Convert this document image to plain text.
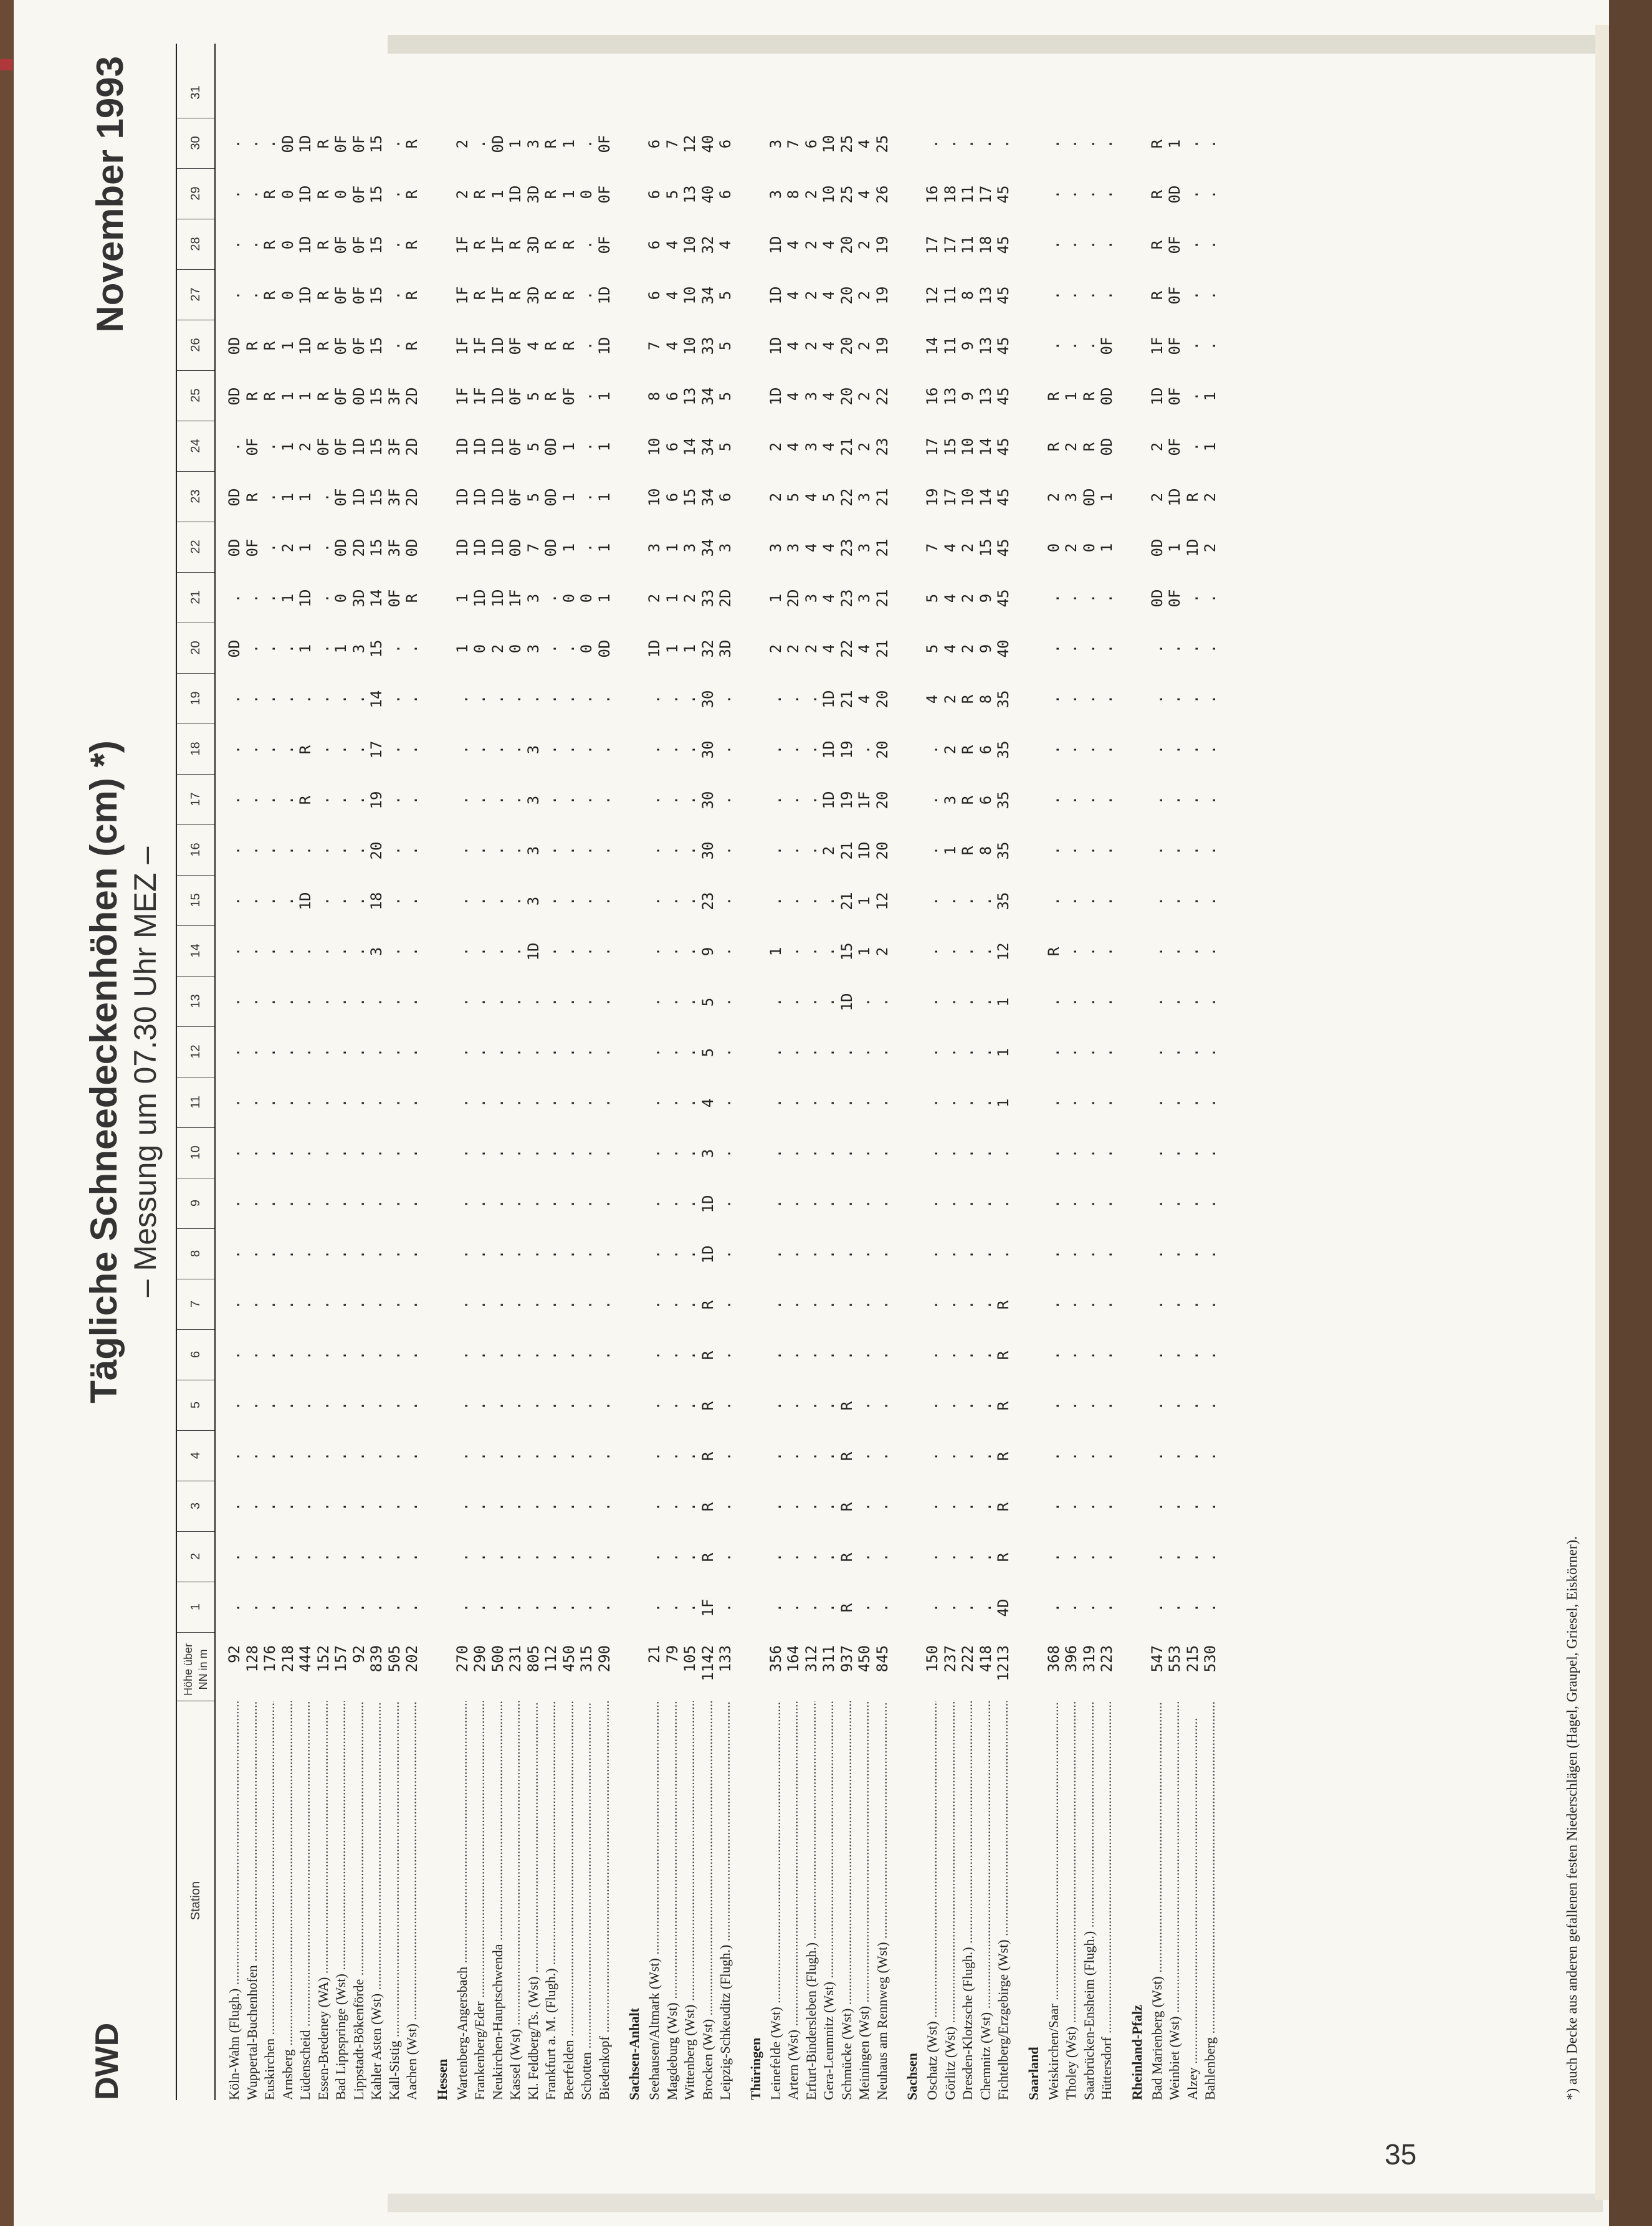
DWD
Tägliche Schneedeckenhöhen (cm) *) – Messung um 07.30 Uhr MEZ –
November 1993
Station
Höhe über NN in m
1
2
3
4
5
6
7
8
9
10
11
12
13
14
15
16
17
18
19
20
21
22
23
24
25
26
27
28
29
30
31
Köln-Wahn (Flugh.) .....
92
.
.
.
.
.
.
.
.
.
.
.
.
.
.
.
.
.
.
.
0D
.
0D
0D
.
0D
0D
.
.
.
.
Wuppertal-Buchenhofen .....
128
.
.
.
.
.
.
.
.
.
.
.
.
.
.
.
.
.
.
.
.
.
0F
R
0F
R
R
.
.
.
.
Euskirchen .....
176
.
.
.
.
.
.
.
.
.
.
.
.
.
.
.
.
.
.
.
.
.
.
.
.
R
R
R
R
R
.
Arnsberg .....
218
.
.
.
.
.
.
.
.
.
.
.
.
.
.
.
.
.
.
.
.
1
2
1
1
1
1
0
0
0
0D
Lüdenscheid .....
444
.
.
.
.
.
.
.
.
.
.
.
.
.
.
1D
.
R
R
.
1
1D
1
1
2
1
1D
1D
1D
1D
1D
Essen-Bredeney (WA) .....
152
.
.
.
.
.
.
.
.
.
.
.
.
.
.
.
.
.
.
.
.
.
.
.
0F
R
R
R
R
R
R
Bad Lippspringe (Wst) .....
157
.
.
.
.
.
.
.
.
.
.
.
.
.
.
.
.
.
.
.
1
0
0D
0F
0F
0F
0F
0F
0F
0
0F
Lippstadt-Bökenförde .....
92
.
.
.
.
.
.
.
.
.
.
.
.
.
.
.
.
.
.
.
3
3D
2D
1D
1D
0D
0F
0F
0F
0F
0F
Kahler Asten (Wst) .....
839
.
.
.
.
.
.
.
.
.
.
.
.
.
3
18
20
19
17
14
15
14
15
15
15
15
15
15
15
15
15
Kall-Sistig .....
505
.
.
.
.
.
.
.
.
.
.
.
.
.
.
.
.
.
.
.
.
0F
3F
3F
3F
3F
.
.
.
.
.
Aachen (Wst) .....
202
.
.
.
.
.
.
.
.
.
.
.
.
.
.
.
.
.
.
.
.
R
0D
2D
2D
2D
R
R
R
R
R
Hessen Wartenberg-Angersbach .....
270
.
.
.
.
.
.
.
.
.
.
.
.
.
.
.
.
.
.
.
1
1
1D
1D
1D
1F
1F
1F
1F
2
2
Frankenberg/Eder .....
290
.
.
.
.
.
.
.
.
.
.
.
.
.
.
.
.
.
.
.
0
1D
1D
1D
1D
1F
1F
R
R
R
.
Neukirchen-Hauptschwenda .....
500
.
.
.
.
.
.
.
.
.
.
.
.
.
.
.
.
.
.
.
2
1D
1D
1D
1D
1D
1D
1F
1F
1
0D
Kassel (Wst) .....
231
.
.
.
.
.
.
.
.
.
.
.
.
.
.
.
.
.
.
.
0
1F
0D
0F
0F
0F
0F
R
R
1D
1
Kl. Feldberg/Ts. (Wst) .....
805
.
.
.
.
.
.
.
.
.
.
.
.
.
1D
3
3
3
3
.
3
3
7
5
5
5
4
3D
3D
3D
3
Frankfurt a. M. (Flugh.) .....
112
.
.
.
.
.
.
.
.
.
.
.
.
.
.
.
.
.
.
.
.
.
0D
0D
0D
R
R
R
R
R
R
Beerfelden .....
450
.
.
.
.
.
.
.
.
.
.
.
.
.
.
.
.
.
.
.
.
0
1
1
1
0F
R
R
R
1
1
Schotten .....
315
.
.
.
.
.
.
.
.
.
.
.
.
.
.
.
.
.
.
.
0
0
.
.
.
.
.
.
.
0
.
Biedenkopf .....
290
.
.
.
.
.
.
.
.
.
.
.
.
.
.
.
.
.
.
.
0D
1
1
1
1
1
1D
1D
0F
0F
0F
Sachsen-Anhalt Seehausen/Altmark (Wst) .....
21
.
.
.
.
.
.
.
.
.
.
.
.
.
.
.
.
.
.
.
1D
2
3
10
10
8
7
6
6
6
6
Magdeburg (Wst) .....
79
.
.
.
.
.
.
.
.
.
.
.
.
.
.
.
.
.
.
.
1
1
1
6
6
6
4
4
4
5
7
Wittenberg (Wst) .....
105
.
.
.
.
.
.
.
.
.
.
.
.
.
.
.
.
.
.
.
1
2
3
15
14
13
10
10
10
13
12
Brocken (Wst) .....
1142
1F
R
R
R
R
R
R
1D
1D
3
4
5
5
9
23
30
30
30
30
32
33
34
34
34
34
33
34
32
40
40
Leipzig-Schkeuditz (Flugh.) .....
133
.
.
.
.
.
.
.
.
.
.
.
.
.
.
.
.
.
.
.
3D
2D
3
6
5
5
5
5
4
6
6
Thüringen Leinefelde (Wst) .....
356
.
.
.
.
.
.
.
.
.
.
.
.
.
1
.
.
.
.
.
2
1
3
2
2
1D
1D
1D
1D
3
3
Artern (Wst) .....
164
.
.
.
.
.
.
.
.
.
.
.
.
.
.
.
.
.
.
.
2
2D
3
5
4
4
4
4
4
8
7
Erfurt-Bindersleben (Flugh.) .....
312
.
.
.
.
.
.
.
.
.
.
.
.
.
.
.
.
.
.
.
2
3
4
4
3
3
2
2
2
2
6
Gera-Leumnitz (Wst) .....
311
.
.
.
.
.
.
.
.
.
.
.
.
.
.
.
2
1D
1D
1D
4
4
4
5
4
4
4
4
4
10
10
Schmücke (Wst) .....
937
R
R
R
R
R
.
.
.
.
.
.
.
1D
15
21
21
19
19
21
22
23
23
22
21
20
20
20
20
25
25
Meiningen (Wst) .....
450
.
.
.
.
.
.
.
.
.
.
.
.
.
1
1
1D
1F
.
4
4
3
3
3
2
2
2
2
2
4
4
Neuhaus am Rennweg (Wst) .....
845
.
.
.
.
.
.
.
.
.
.
.
.
.
2
12
20
20
20
20
21
21
21
21
23
22
19
19
19
26
25
Sachsen Oschatz (Wst) .....
150
.
.
.
.
.
.
.
.
.
.
.
.
.
.
.
.
.
.
4
5
5
7
19
17
16
14
12
17
16
.
Görlitz (Wst) .....
237
.
.
.
.
.
.
.
.
.
.
.
.
.
.
.
1
3
2
2
4
4
4
17
15
13
11
11
17
18
.
Dresden-Klotzsche (Flugh.) .....
222
.
.
.
.
.
.
.
.
.
.
.
.
.
.
.
R
R
R
R
2
2
2
10
10
9
9
8
11
11
.
Chemnitz (Wst) .....
418
.
.
.
.
.
.
.
.
.
.
.
.
.
.
.
8
6
6
8
9
9
15
14
14
13
13
13
18
17
.
Fichtelberg/Erzgebirge (Wst) .....
1213
4D
R
R
R
R
R
R
.
.
.
1
1
1
12
35
35
35
35
35
40
45
45
45
45
45
45
45
45
45
.
Saarland Weiskirchen/Saar .....
368
.
.
.
.
.
.
.
.
.
.
.
.
.
R
.
.
.
.
.
.
.
0
2
R
R
.
.
.
.
.
Tholey (Wst) .....
396
.
.
.
.
.
.
.
.
.
.
.
.
.
.
.
.
.
.
.
.
.
2
3
2
1
.
.
.
.
.
Saarbrücken-Ensheim (Flugh.) .....
319
.
.
.
.
.
.
.
.
.
.
.
.
.
.
.
.
.
.
.
.
.
0
0D
R
R
.
.
.
.
.
Hüttersdorf .....
223
.
.
.
.
.
.
.
.
.
.
.
.
.
.
.
.
.
.
.
.
.
1
1
0D
0D
0F
.
.
.
.
Rheinland-Pfalz Bad Marienberg (Wst) .....
547
.
.
.
.
.
.
.
.
.
.
.
.
.
.
.
.
.
.
.
.
0D
0D
2
2
1D
1F
R
R
R
R
Weinbiet (Wst) .....
553
.
.
.
.
.
.
.
.
.
.
.
.
.
.
.
.
.
.
.
.
0F
1
1D
0F
0F
0F
0F
0F
0D
1
Alzey .....
215
.
.
.
.
.
.
.
.
.
.
.
.
.
.
.
.
.
.
.
.
.
1D
R
.
.
.
.
.
.
.
Bahlenberg .....
530
.
.
.
.
.
.
.
.
.
.
.
.
.
.
.
.
.
.
.
.
.
2
2
1
1
.
.
.
.
.
*) auch Decke aus anderen gefallenen festen Niederschlägen (Hagel, Graupel, Griesel, Eiskörner).
35
